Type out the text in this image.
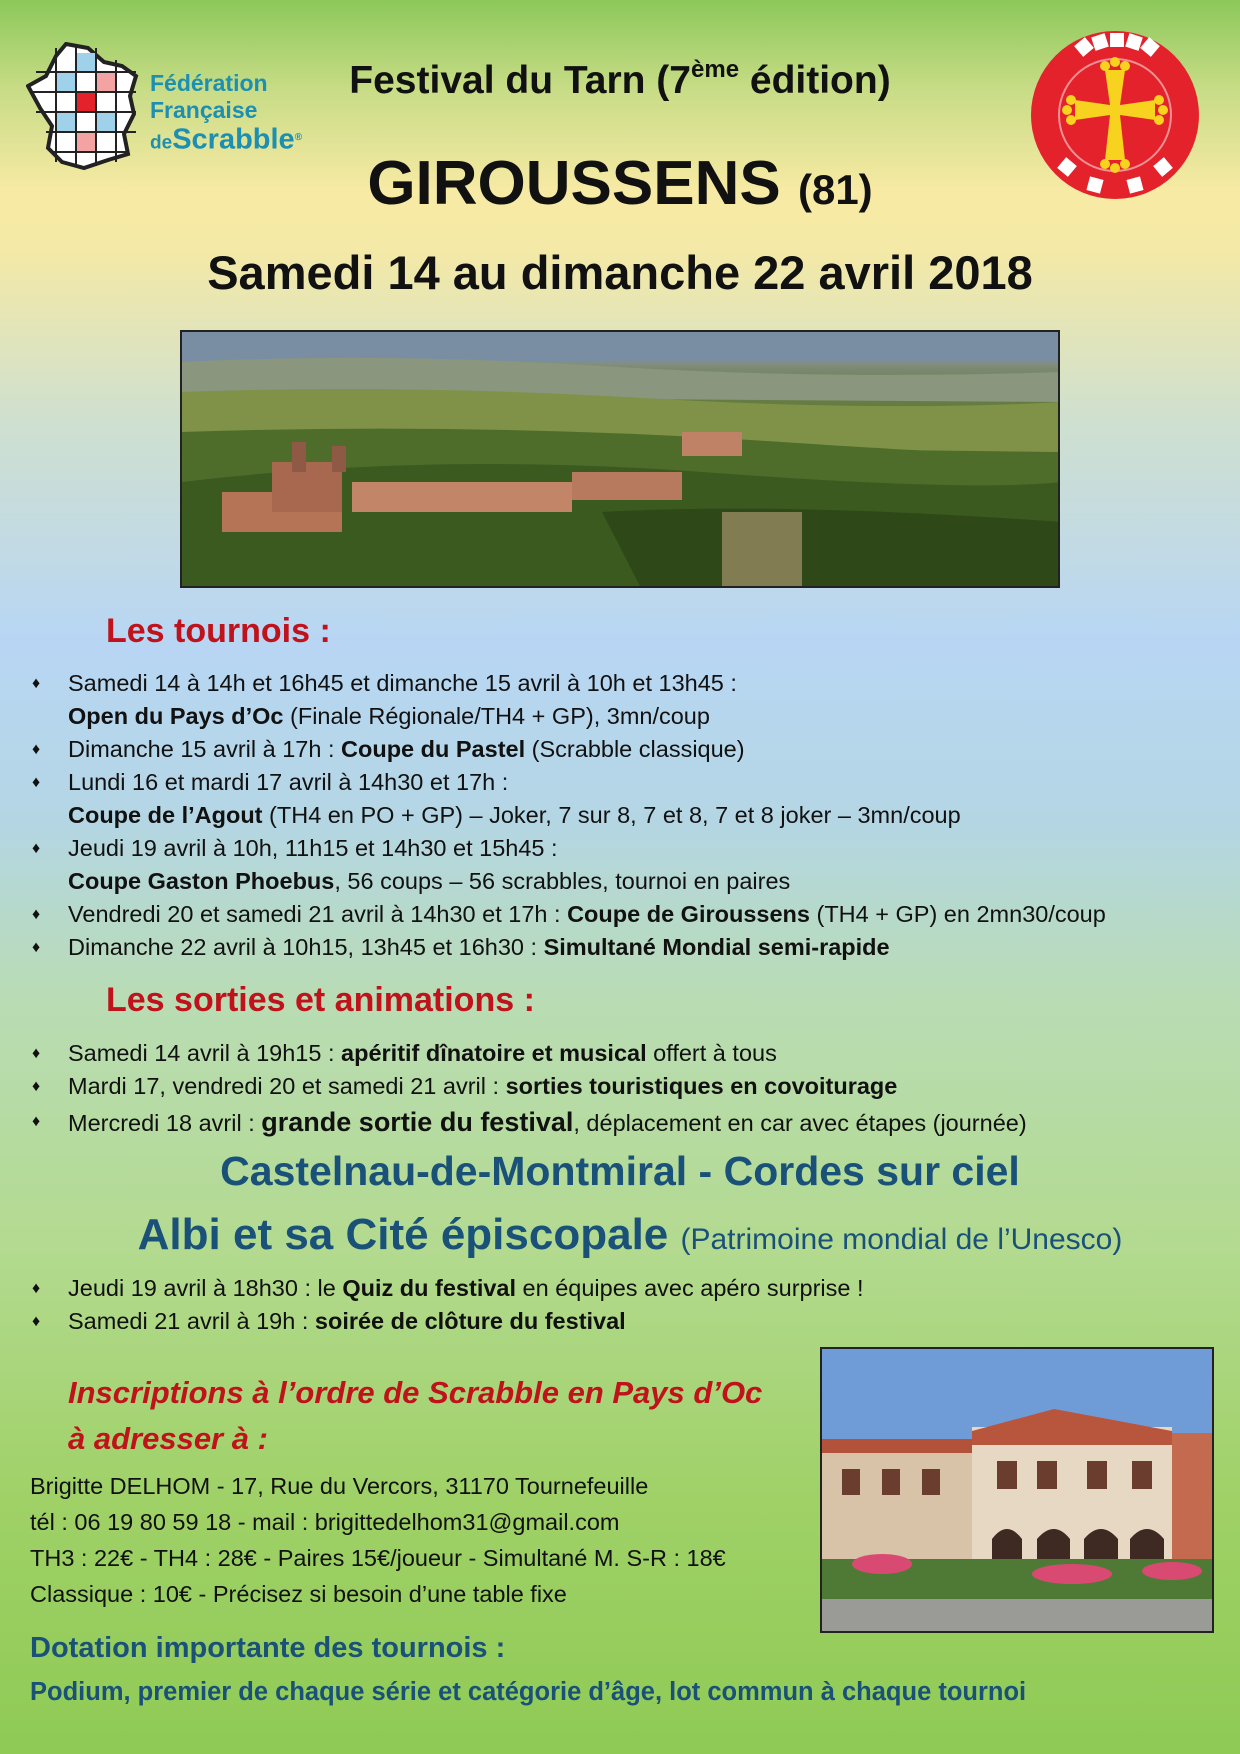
Fédération
Française
deScrabble®
Festival du Tarn (7ème édition)
GIROUSSENS (81)
Samedi 14 au dimanche 22 avril 2018
Les tournois :
♦ Samedi 14 à 14h et 16h45 et dimanche 15 avril à 10h et 13h45 :
Open du Pays d’Oc (Finale Régionale/TH4 + GP), 3mn/coup
♦ Dimanche 15 avril à 17h : Coupe du Pastel (Scrabble classique)
♦ Lundi 16 et mardi 17 avril à 14h30 et 17h :
Coupe de l’Agout (TH4 en PO + GP) – Joker, 7 sur 8, 7 et 8, 7 et 8 joker – 3mn/coup
♦ Jeudi 19 avril à 10h, 11h15 et 14h30 et 15h45 :
Coupe Gaston Phoebus, 56 coups – 56 scrabbles, tournoi en paires
♦ Vendredi 20 et samedi 21 avril à 14h30 et 17h : Coupe de Giroussens (TH4 + GP) en 2mn30/coup
♦ Dimanche 22 avril à 10h15, 13h45 et 16h30 : Simultané Mondial semi-rapide
Les sorties et animations :
♦ Samedi 14 avril à 19h15 : apéritif dînatoire et musical offert à tous
♦ Mardi 17, vendredi 20 et samedi 21 avril : sorties touristiques en covoiturage
♦ Mercredi 18 avril : grande sortie du festival, déplacement en car avec étapes (journée)
Castelnau-de-Montmiral - Cordes sur ciel
Albi et sa Cité épiscopale (Patrimoine mondial de l’Unesco)
♦ Jeudi 19 avril à 18h30 : le Quiz du festival en équipes avec apéro surprise !
♦ Samedi 21 avril à 19h : soirée de clôture du festival
Inscriptions à l’ordre de Scrabble en Pays d’Oc
à adresser à :
Brigitte DELHOM - 17, Rue du Vercors, 31170 Tournefeuille
tél : 06 19 80 59 18 - mail : brigittedelhom31@gmail.com
TH3 : 22€ - TH4 : 28€ - Paires 15€/joueur - Simultané M. S-R : 18€
Classique : 10€ - Précisez si besoin d’une table fixe
Dotation importante des tournois :
Podium, premier de chaque série et catégorie d’âge, lot commun à chaque tournoi
